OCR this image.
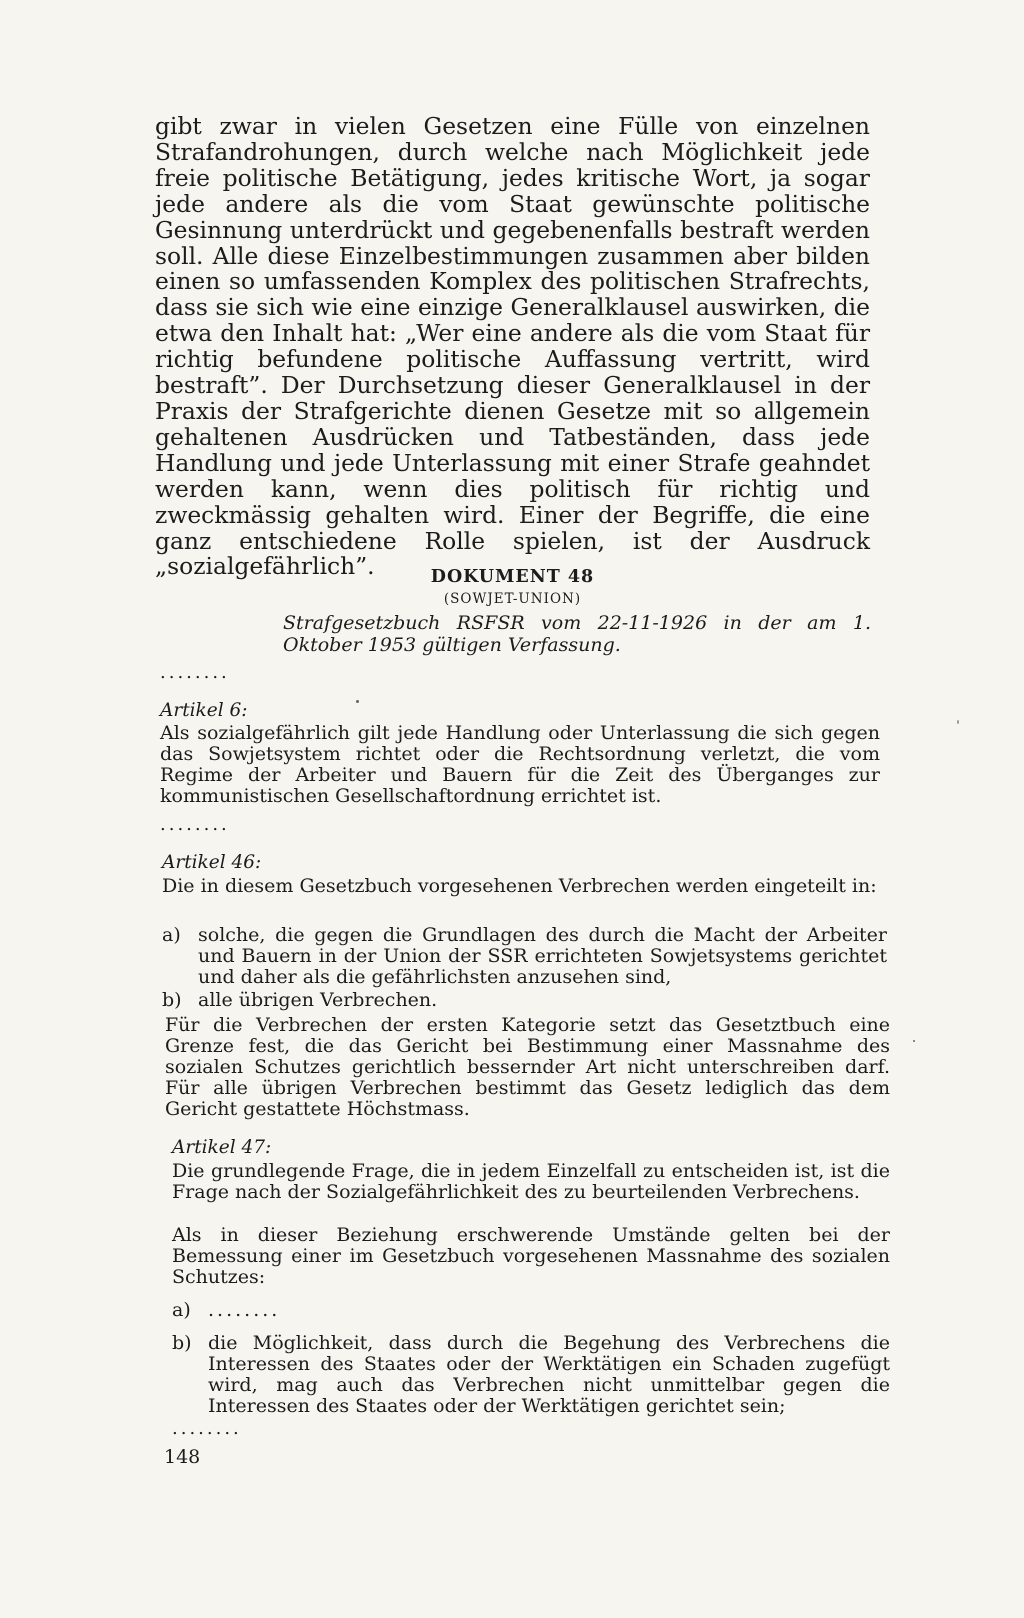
gibt zwar in vielen Gesetzen eine Fülle von einzelnen Strafandrohungen, durch welche nach Möglichkeit jede freie politische Betätigung, jedes kritische Wort, ja sogar jede andere als die vom Staat gewünschte politische Gesinnung unterdrückt und gegebenenfalls bestraft werden soll. Alle diese Einzelbestimmungen zusammen aber bilden einen so umfassenden Komplex des politischen Strafrechts, dass sie sich wie eine einzige Generalklausel auswirken, die etwa den Inhalt hat: „Wer eine andere als die vom Staat für richtig befundene politische Auffassung vertritt, wird bestraft”. Der Durchsetzung dieser Generalklausel in der Praxis der Strafgerichte dienen Gesetze mit so allgemein gehaltenen Ausdrücken und Tatbeständen, dass jede Handlung und jede Unterlassung mit einer Strafe geahndet werden kann, wenn dies politisch für richtig und zweckmässig gehalten wird. Einer der Begriffe, die eine ganz entschiedene Rolle spielen, ist der Ausdruck „sozialgefährlich”.	DOKUMENT 48

(SOWJET-UNION)

Strafgesetzbuch RSFSR vom 22-11-1926 in der am 1. Oktober 1953 gültigen Verfassung.

........

Artikel 6:

Als sozialgefährlich gilt jede Handlung oder Unterlassung die sich gegen das Sowjetsystem richtet oder die Rechtsordnung verletzt, die vom Regime der Arbeiter und Bauern für die Zeit des Überganges zur kommunistischen Gesellschaftordnung errichtet ist.

........

Artikel 46:

Die in diesem Gesetzbuch vorgesehenen Verbrechen werden eingeteilt in:

a) solche, die gegen die Grundlagen des durch die Macht der Arbeiter und Bauern in der Union der SSR errichteten Sowjetsystems gerichtet und daher als die gefährlichsten anzusehen sind,
b) alle übrigen Verbrechen.

Für die Verbrechen der ersten Kategorie setzt das Gesetztbuch eine Grenze fest, die das Gericht bei Bestimmung einer Massnahme des sozialen Schutzes gerichtlich bessernder Art nicht unterschreiben darf. Für alle übrigen Verbrechen bestimmt das Gesetz lediglich das dem Gericht gestattete Höchstmass.

Artikel 47:

Die grundlegende Frage, die in jedem Einzelfall zu entscheiden ist, ist die Frage nach der Sozialgefährlichkeit des zu beurteilenden Verbrechens.

Als in dieser Beziehung erschwerende Umstände gelten bei der Bemessung einer im Gesetzbuch vorgesehenen Massnahme des sozialen Schutzes:

a) ........
b) die Möglichkeit, dass durch die Begehung des Verbrechens die Interessen des Staates oder der Werktätigen ein Schaden zugefügt wird, mag auch das Verbrechen nicht unmittelbar gegen die Interessen des Staates oder der Werktätigen gerichtet sein;

........

148
